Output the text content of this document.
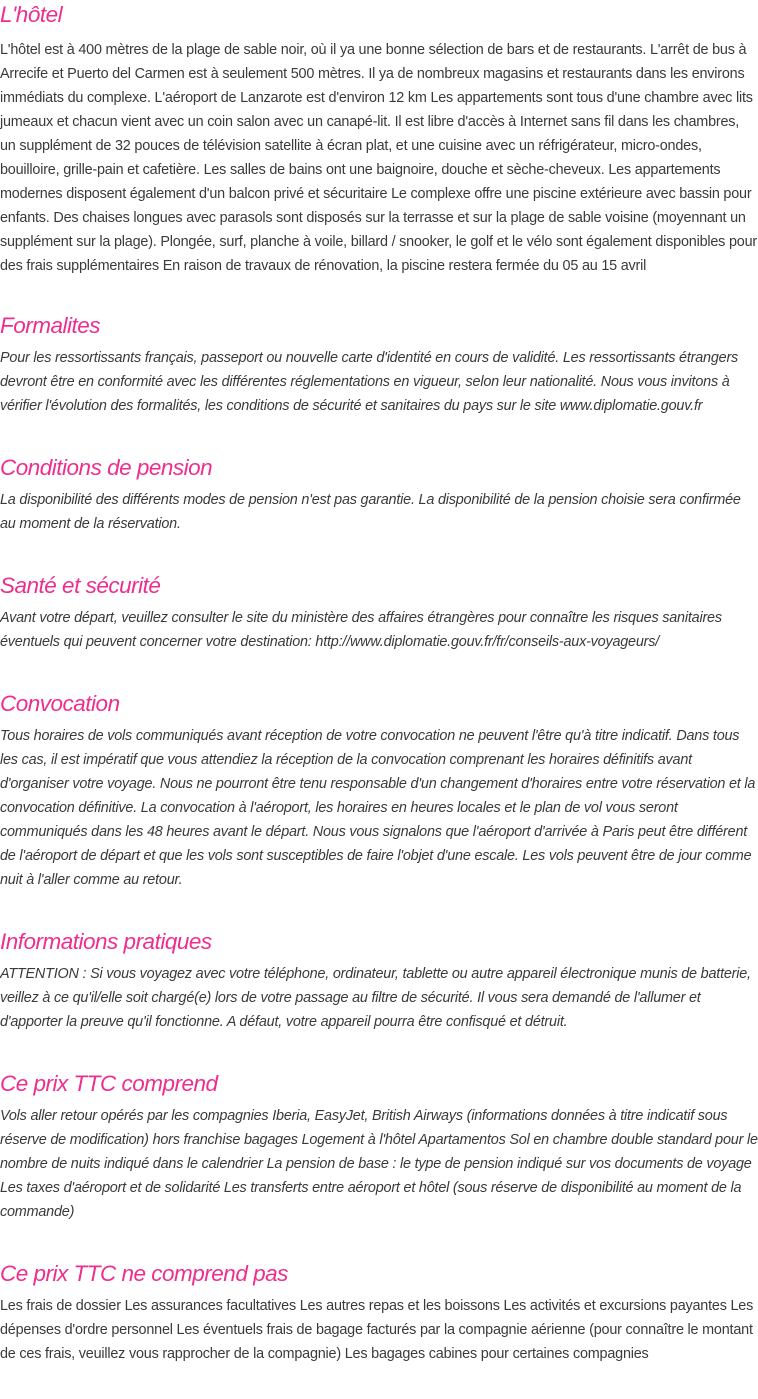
L'hôtel

L'hôtel est à 400 mètres de la plage de sable noir, où il ya une bonne sélection de bars et de restaurants. L'arrêt de bus à Arrecife et Puerto del Carmen est à seulement 500 mètres. Il ya de nombreux magasins et restaurants dans les environs immédiats du complexe. L'aéroport de Lanzarote est d'environ 12 km Les appartements sont tous d'une chambre avec lits jumeaux et chacun vient avec un coin salon avec un canapé-lit. Il est libre d'accès à Internet sans fil dans les chambres, un supplément de 32 pouces de télévision satellite à écran plat, et une cuisine avec un réfrigérateur, micro-ondes, bouilloire, grille-pain et cafetière. Les salles de bains ont une baignoire, douche et sèche-cheveux. Les appartements modernes disposent également d'un balcon privé et sécuritaire Le complexe offre une piscine extérieure avec bassin pour enfants. Des chaises longues avec parasols sont disposés sur la terrasse et sur la plage de sable voisine (moyennant un supplément sur la plage). Plongée, surf, planche à voile, billard / snooker, le golf et le vélo sont également disponibles pour des frais supplémentaires En raison de travaux de rénovation, la piscine restera fermée du 05 au 15 avril

Formalites

Pour les ressortissants français, passeport ou nouvelle carte d'identité en cours de validité. Les ressortissants étrangers devront être en conformité avec les différentes réglementations en vigueur, selon leur nationalité. Nous vous invitons à vérifier l'évolution des formalités, les conditions de sécurité et sanitaires du pays sur le site www.diplomatie.gouv.fr

Conditions de pension

La disponibilité des différents modes de pension n'est pas garantie. La disponibilité de la pension choisie sera confirmée au moment de la réservation.

Santé et sécurité

Avant votre départ, veuillez consulter le site du ministère des affaires étrangères pour connaître les risques sanitaires éventuels qui peuvent concerner votre destination: http://www.diplomatie.gouv.fr/fr/conseils-aux-voyageurs/

Convocation

Tous horaires de vols communiqués avant réception de votre convocation ne peuvent l'être qu'à titre indicatif. Dans tous les cas, il est impératif que vous attendiez la réception de la convocation comprenant les horaires définitifs avant d'organiser votre voyage. Nous ne pourront être tenu responsable d'un changement d'horaires entre votre réservation et la convocation définitive. La convocation à l'aéroport, les horaires en heures locales et le plan de vol vous seront communiqués dans les 48 heures avant le départ. Nous vous signalons que l'aéroport d'arrivée à Paris peut être différent de l'aéroport de départ et que les vols sont susceptibles de faire l'objet d'une escale. Les vols peuvent être de jour comme nuit à l'aller comme au retour.

Informations pratiques

ATTENTION : Si vous voyagez avec votre téléphone, ordinateur, tablette ou autre appareil électronique munis de batterie, veillez à ce qu'il/elle soit chargé(e) lors de votre passage au filtre de sécurité. Il vous sera demandé de l'allumer et d'apporter la preuve qu'il fonctionne. A défaut, votre appareil pourra être confisqué et détruit.

Ce prix TTC comprend

Vols aller retour opérés par les compagnies Iberia, EasyJet, British Airways (informations données à titre indicatif sous réserve de modification) hors franchise bagages Logement à l'hôtel Apartamentos Sol en chambre double standard pour le nombre de nuits indiqué dans le calendrier La pension de base : le type de pension indiqué sur vos documents de voyage Les taxes d'aéroport et de solidarité Les transferts entre aéroport et hôtel (sous réserve de disponibilité au moment de la commande)

Ce prix TTC ne comprend pas

Les frais de dossier Les assurances facultatives Les autres repas et les boissons Les activités et excursions payantes Les dépenses d'ordre personnel Les éventuels frais de bagage facturés par la compagnie aérienne (pour connaître le montant de ces frais, veuillez vous rapprocher de la compagnie) Les bagages cabines pour certaines compagnies
